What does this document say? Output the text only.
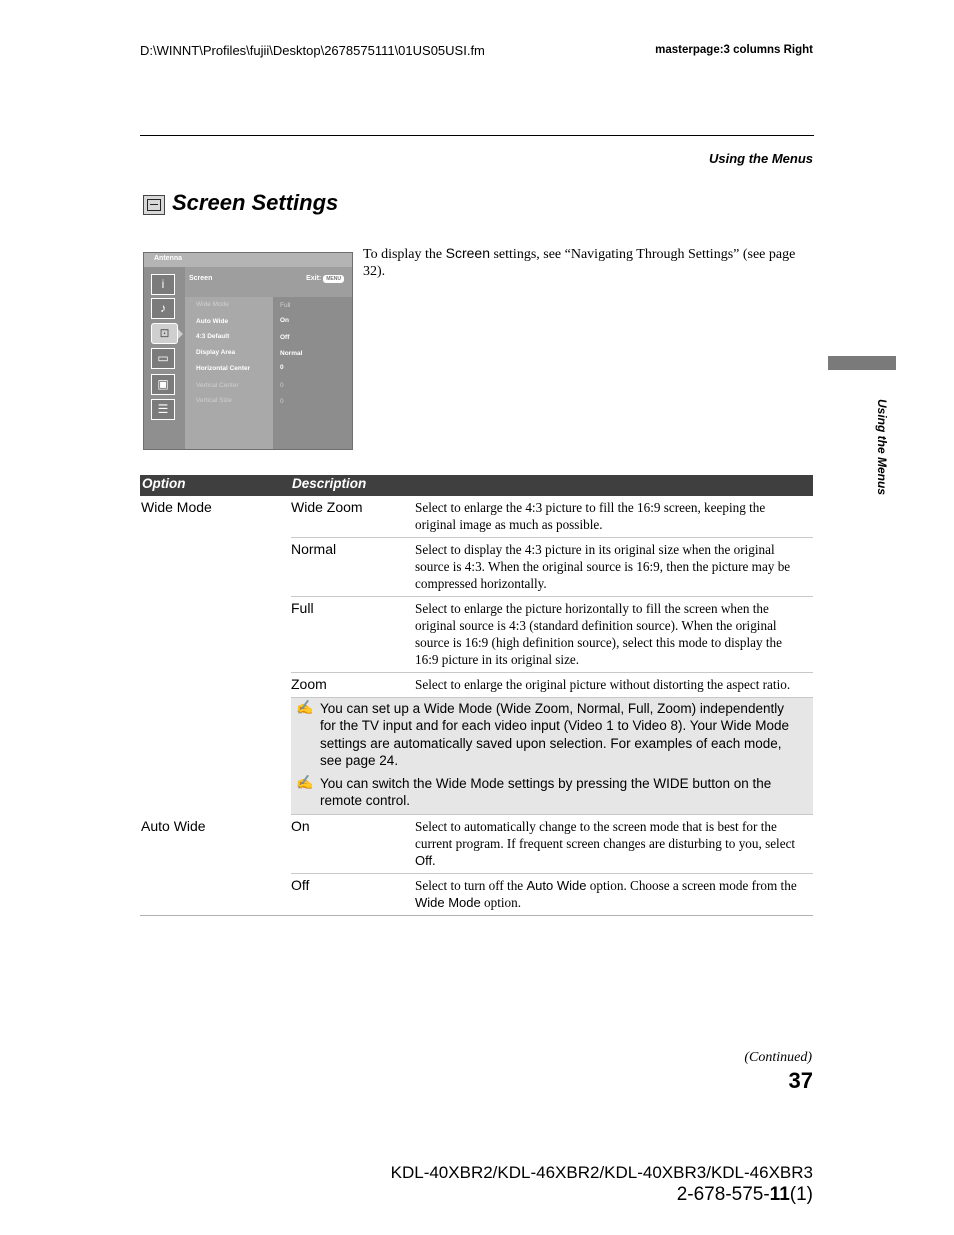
D:\WINNT\Profiles\fujii\Desktop\2678575111\01US05USI.fm	masterpage:3 columns Right
Using the Menus
Screen Settings
Using the Menus
Antenna
i
♪
⊡
▭
▣
☰
Screen	Exit: MENU
Wide Mode
Auto Wide
4:3 Default
Display Area
Horizontal Center
Vertical Center
Vertical Size
Full
On
Off
Normal
0
0
0
To display the Screen settings, see “Navigating Through Settings” (see page 32).
Option	Description
Wide Mode	Wide Zoom	Select to enlarge the 4:3 picture to fill the 16:9 screen, keeping the original image as much as possible.
Normal	Select to display the 4:3 picture in its original size when the original source is 4:3. When the original source is 16:9, then the picture may be compressed horizontally.
Full	Select to enlarge the picture horizontally to fill the screen when the original source is 4:3 (standard definition source). When the original source is 16:9 (high definition source), select this mode to display the 16:9 picture in its original size.
Zoom	Select to enlarge the original picture without distorting the aspect ratio.

✍ You can set up a Wide Mode (Wide Zoom, Normal, Full, Zoom) independently for the TV input and for each video input (Video 1 to Video 8). Your Wide Mode settings are automatically saved upon selection. For examples of each mode, see page 24.

✍ You can switch the Wide Mode settings by pressing the WIDE button on the remote control.

Auto Wide	On	Select to automatically change to the screen mode that is best for the current program. If frequent screen changes are disturbing to you, select Off.
Off	Select to turn off the Auto Wide option. Choose a screen mode from the Wide Mode option.
(Continued)
37
KDL-40XBR2/KDL-46XBR2/KDL-40XBR3/KDL-46XBR3
2-678-575-11(1)
